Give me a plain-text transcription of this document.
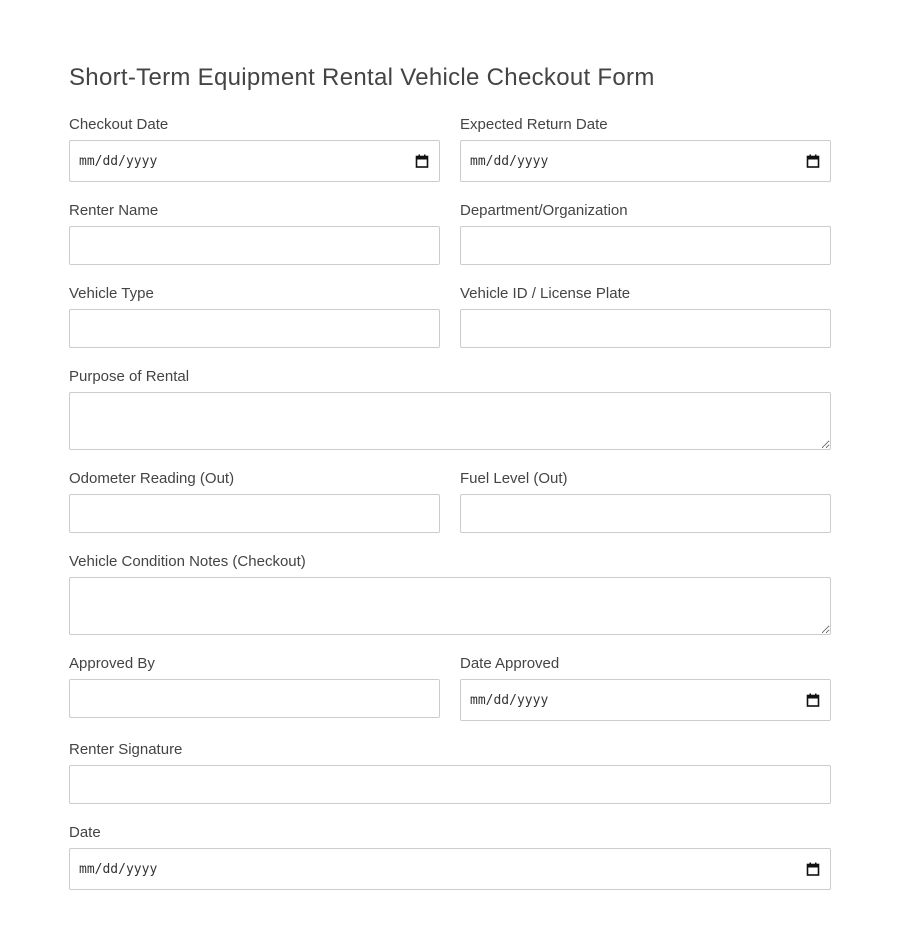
Short-Term Equipment Rental Vehicle Checkout Form
Checkout Date
mm/dd/yyyy
Expected Return Date
mm/dd/yyyy
Renter Name	Department/Organization
Vehicle Type	Vehicle ID / License Plate
Purpose of Rental
Odometer Reading (Out)	Fuel Level (Out)
Vehicle Condition Notes (Checkout)
Approved By	Date Approved
mm/dd/yyyy
Renter Signature
Date
mm/dd/yyyy
